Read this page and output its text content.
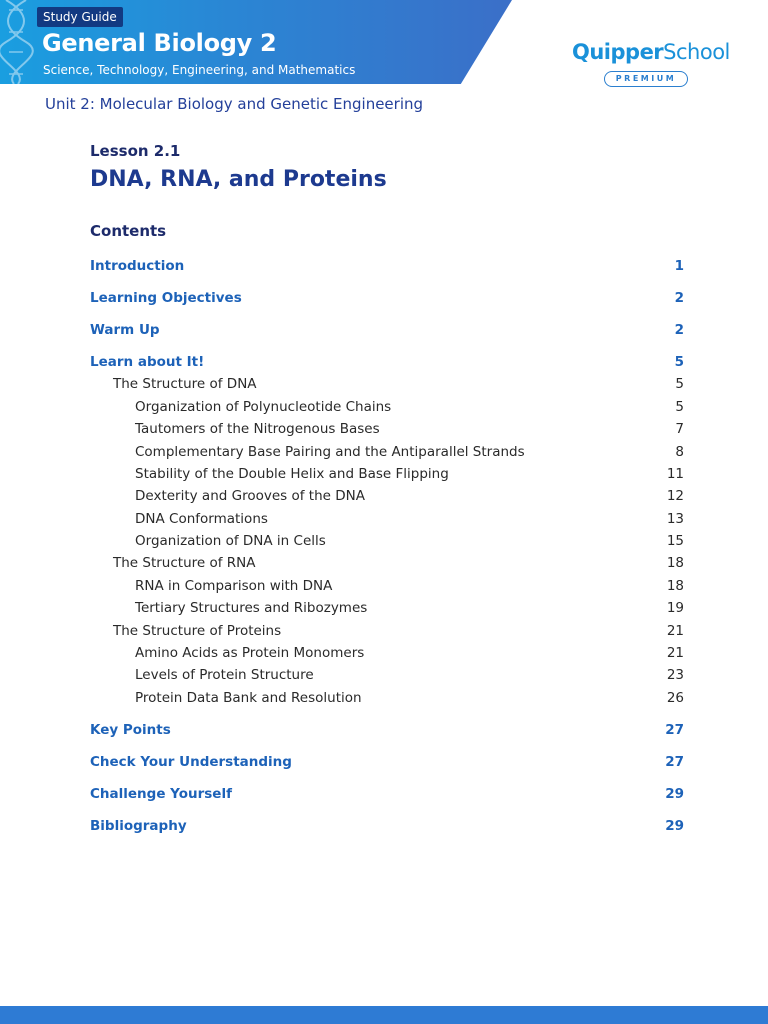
Study Guide
General Biology 2
Science, Technology, Engineering, and Mathematics
QuipperSchool
PREMIUM
Unit 2: Molecular Biology and Genetic Engineering
Lesson 2.1
DNA, RNA, and Proteins
Contents
Introduction	1
Learning Objectives	2
Warm Up	2
Learn about It!	5
The Structure of DNA	5
Organization of Polynucleotide Chains	5
Tautomers of the Nitrogenous Bases	7
Complementary Base Pairing and the Antiparallel Strands	8
Stability of the Double Helix and Base Flipping	11
Dexterity and Grooves of the DNA	12
DNA Conformations	13
Organization of DNA in Cells	15
The Structure of RNA	18
RNA in Comparison with DNA	18
Tertiary Structures and Ribozymes	19
The Structure of Proteins	21
Amino Acids as Protein Monomers	21
Levels of Protein Structure	23
Protein Data Bank and Resolution	26
Key Points	27
Check Your Understanding	27
Challenge Yourself	29
Bibliography	29
